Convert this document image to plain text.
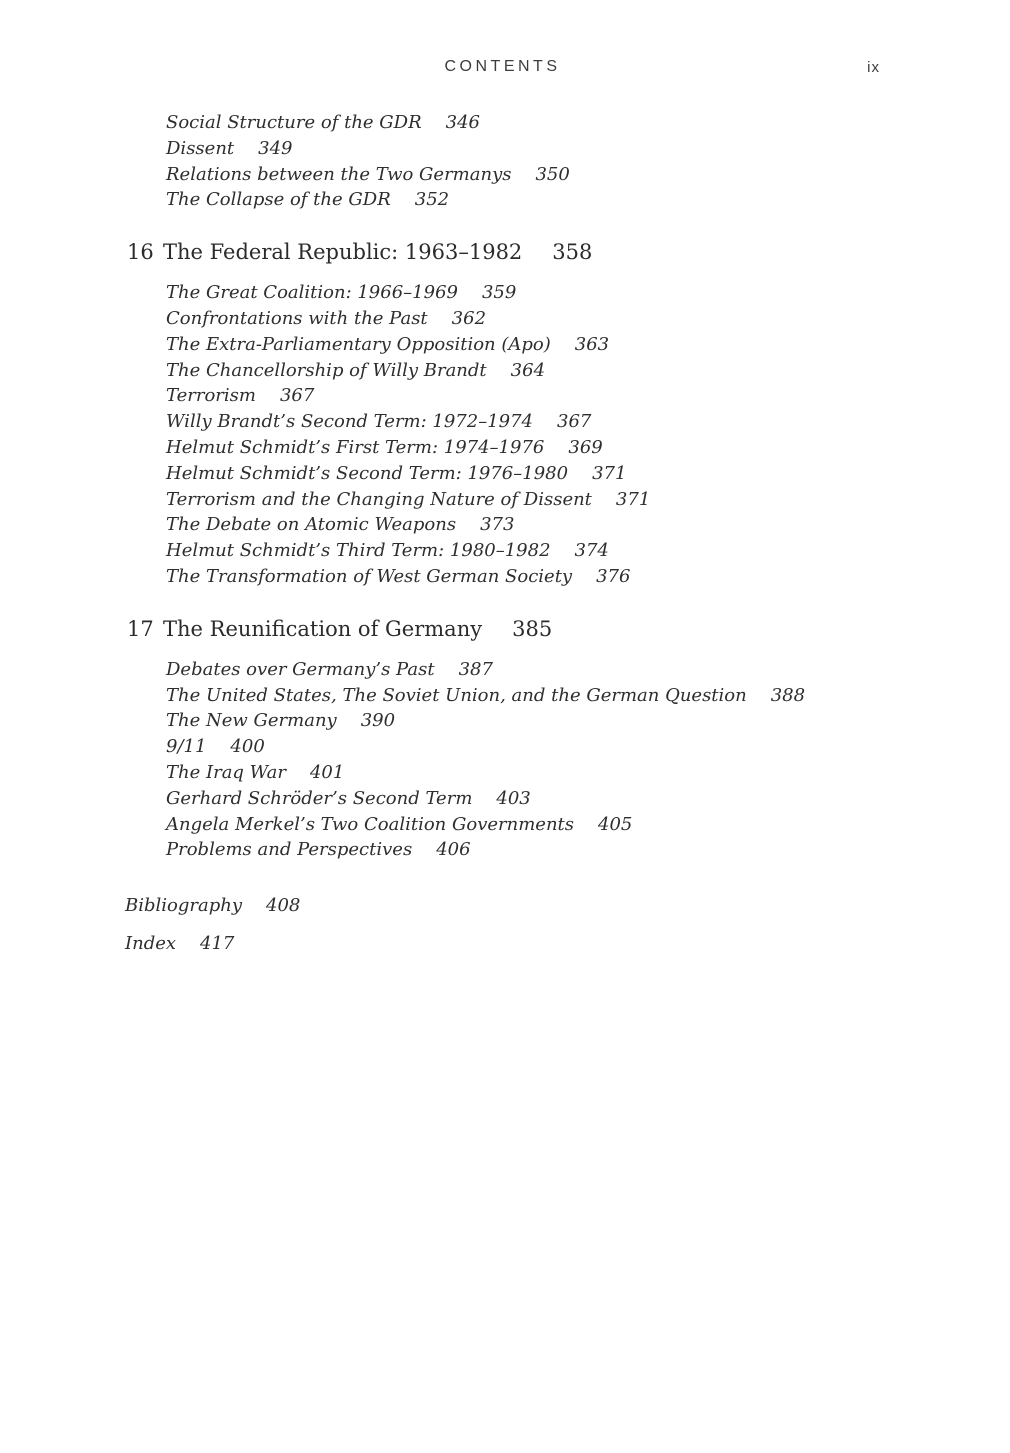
CONTENTS	ix
Social Structure of the GDR 346
Dissent 349
Relations between the Two Germanys 350
The Collapse of the GDR 352
16 The Federal Republic: 1963–1982 358
The Great Coalition: 1966–1969 359
Confrontations with the Past 362
The Extra-Parliamentary Opposition (Apo) 363
The Chancellorship of Willy Brandt 364
Terrorism 367
Willy Brandt’s Second Term: 1972–1974 367
Helmut Schmidt’s First Term: 1974–1976 369
Helmut Schmidt’s Second Term: 1976–1980 371
Terrorism and the Changing Nature of Dissent 371
The Debate on Atomic Weapons 373
Helmut Schmidt’s Third Term: 1980–1982 374
The Transformation of West German Society 376
17 The Reunification of Germany 385
Debates over Germany’s Past 387
The United States, The Soviet Union, and the German Question 388
The New Germany 390
9/11 400
The Iraq War 401
Gerhard Schröder’s Second Term 403
Angela Merkel’s Two Coalition Governments 405
Problems and Perspectives 406
Bibliography 408
Index 417
